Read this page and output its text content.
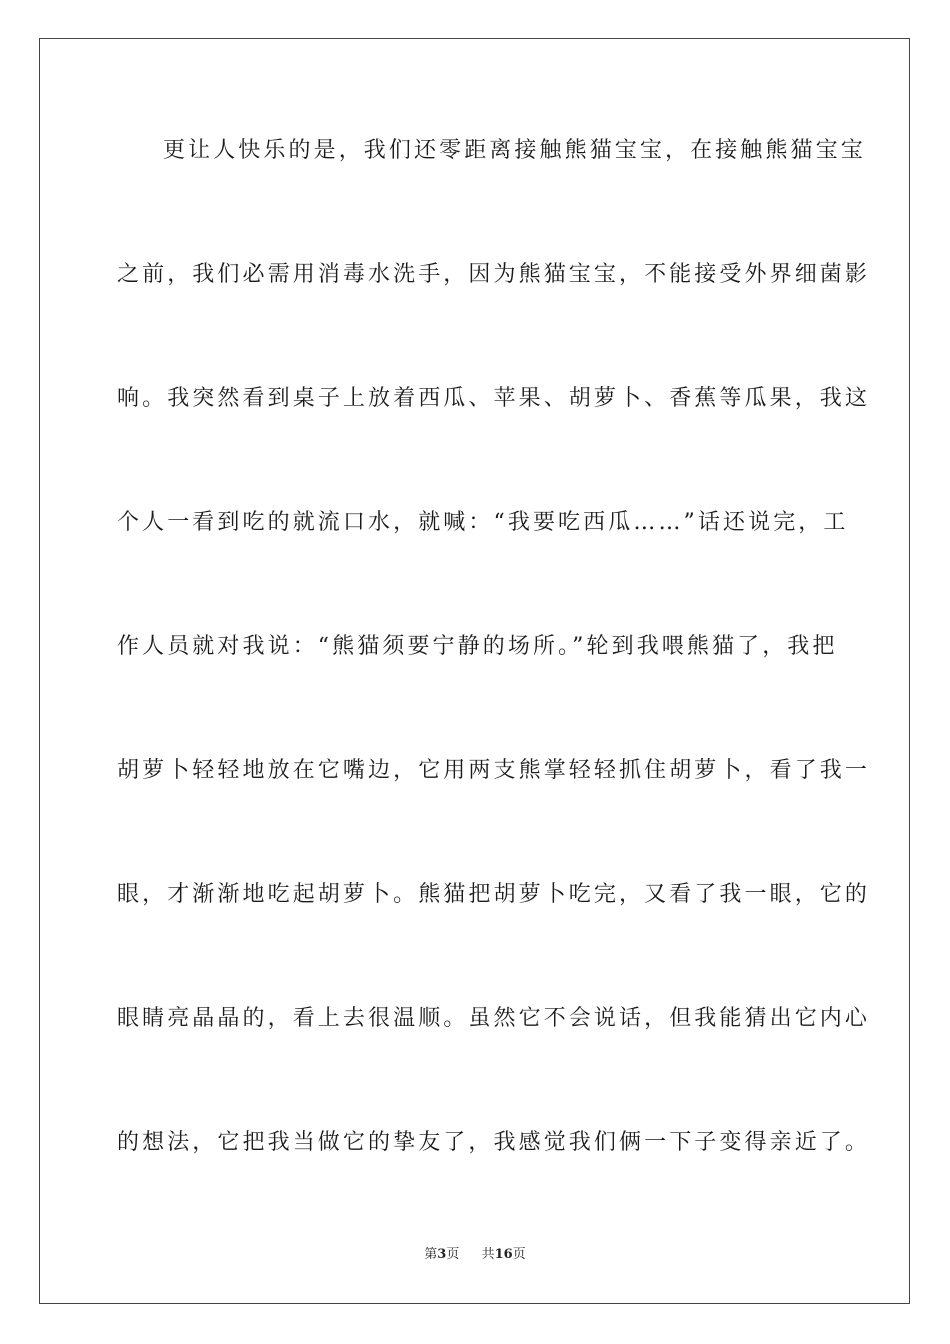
更让人快乐的是，我们还零距离接触熊猫宝宝，在接触熊猫宝宝
之前，我们必需用消毒水洗手，因为熊猫宝宝，不能接受外界细菌影
响。我突然看到桌子上放着西瓜、苹果、胡萝卜、香蕉等瓜果，我这
个人一看到吃的就流口水，就喊：“我要吃西瓜……”话还说完，工
作人员就对我说：“熊猫须要宁静的场所。”轮到我喂熊猫了，我把
胡萝卜轻轻地放在它嘴边，它用两支熊掌轻轻抓住胡萝卜，看了我一
眼，才渐渐地吃起胡萝卜。熊猫把胡萝卜吃完，又看了我一眼，它的
眼睛亮晶晶的，看上去很温顺。虽然它不会说话，但我能猜出它内心
的想法，它把我当做它的挚友了，我感觉我们俩一下子变得亲近了。
第3页 共16页
